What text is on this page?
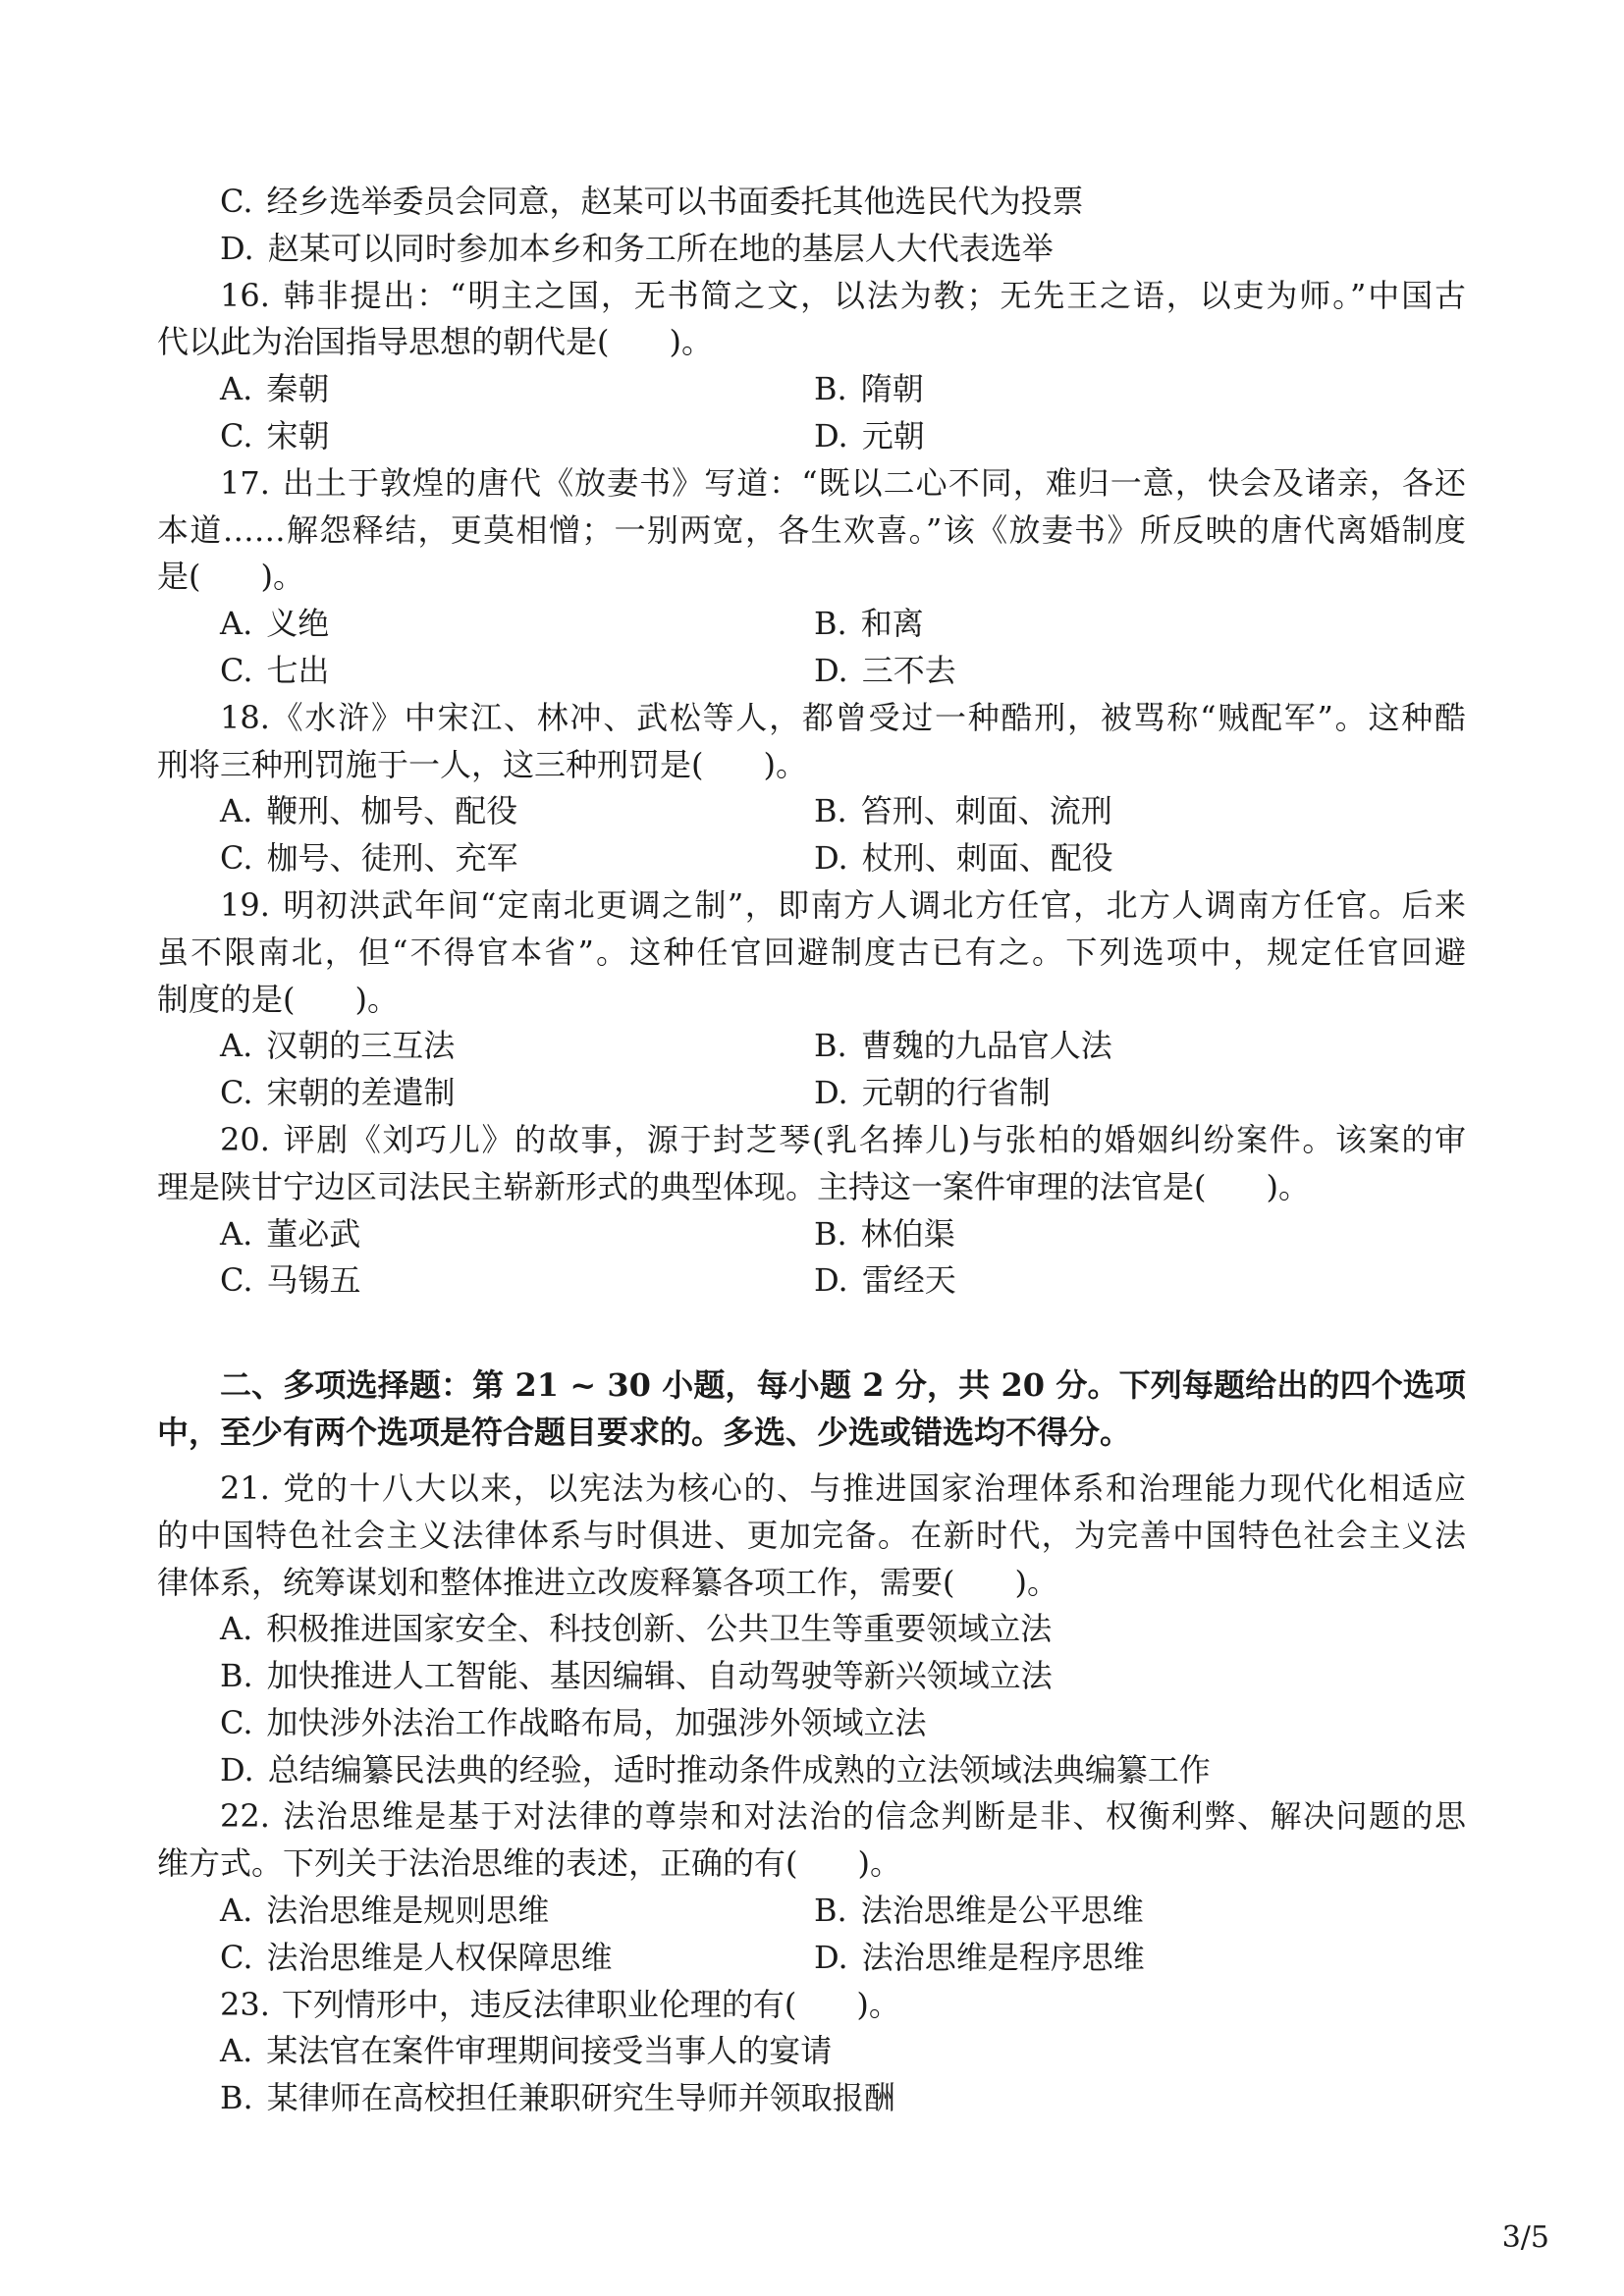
C. 经乡选举委员会同意，赵某可以书面委托其他选民代为投票
D. 赵某可以同时参加本乡和务工所在地的基层人大代表选举
16. 韩非提出：“明主之国，无书简之文，以法为教；无先王之语，以吏为师。”中国古
代以此为治国指导思想的朝代是(      )。
A. 秦朝	B. 隋朝
C. 宋朝	D. 元朝
17. 出土于敦煌的唐代《放妻书》写道：“既以二心不同，难归一意，快会及诸亲，各还
本道……解怨释结，更莫相憎；一别两宽，各生欢喜。”该《放妻书》所反映的唐代离婚制度
是(      )。
A. 义绝	B. 和离
C. 七出	D. 三不去
18.《水浒》中宋江、林冲、武松等人，都曾受过一种酷刑，被骂称“贼配军”。这种酷
刑将三种刑罚施于一人，这三种刑罚是(      )。
A. 鞭刑、枷号、配役	B. 笞刑、刺面、流刑
C. 枷号、徒刑、充军	D. 杖刑、刺面、配役
19. 明初洪武年间“定南北更调之制”，即南方人调北方任官，北方人调南方任官。后来
虽不限南北，但“不得官本省”。这种任官回避制度古已有之。下列选项中，规定任官回避
制度的是(      )。
A. 汉朝的三互法	B. 曹魏的九品官人法
C. 宋朝的差遣制	D. 元朝的行省制
20. 评剧《刘巧儿》的故事，源于封芝琴(乳名捧儿)与张柏的婚姻纠纷案件。该案的审
理是陕甘宁边区司法民主崭新形式的典型体现。主持这一案件审理的法官是(      )。
A. 董必武	B. 林伯渠
C. 马锡五	D. 雷经天
二、多项选择题：第 21 ~ 30 小题，每小题 2 分，共 20 分。下列每题给出的四个选项
中，至少有两个选项是符合题目要求的。多选、少选或错选均不得分。
21. 党的十八大以来，以宪法为核心的、与推进国家治理体系和治理能力现代化相适应
的中国特色社会主义法律体系与时俱进、更加完备。在新时代，为完善中国特色社会主义法
律体系，统筹谋划和整体推进立改废释纂各项工作，需要(      )。
A. 积极推进国家安全、科技创新、公共卫生等重要领域立法
B. 加快推进人工智能、基因编辑、自动驾驶等新兴领域立法
C. 加快涉外法治工作战略布局，加强涉外领域立法
D. 总结编纂民法典的经验，适时推动条件成熟的立法领域法典编纂工作
22. 法治思维是基于对法律的尊崇和对法治的信念判断是非、权衡利弊、解决问题的思
维方式。下列关于法治思维的表述，正确的有(      )。
A. 法治思维是规则思维	B. 法治思维是公平思维
C. 法治思维是人权保障思维	D. 法治思维是程序思维
23. 下列情形中，违反法律职业伦理的有(      )。
A. 某法官在案件审理期间接受当事人的宴请
B. 某律师在高校担任兼职研究生导师并领取报酬
3/5
